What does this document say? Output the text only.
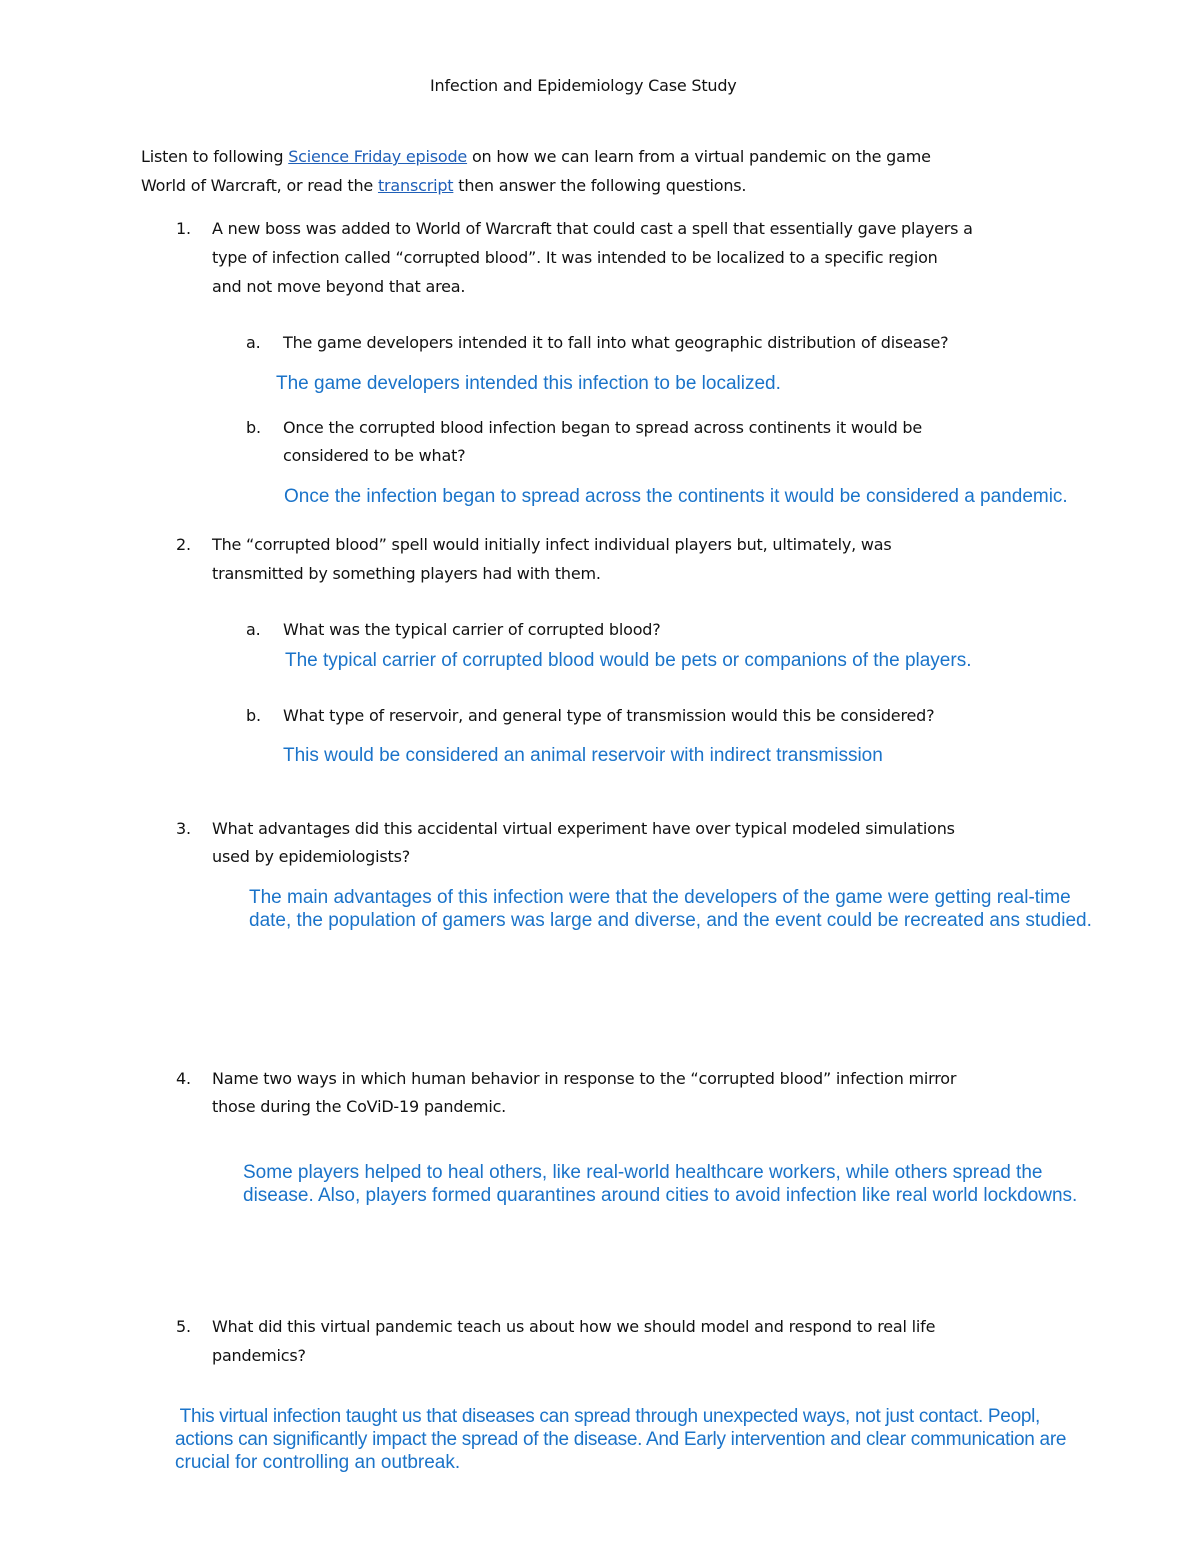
Infection and Epidemiology Case Study
Listen to following Science Friday episode on how we can learn from a virtual pandemic on the game
World of Warcraft, or read the transcript then answer the following questions.
1. A new boss was added to World of Warcraft that could cast a spell that essentially gave players a
type of infection called “corrupted blood”. It was intended to be localized to a specific region
and not move beyond that area.
a. The game developers intended it to fall into what geographic distribution of disease?
The game developers intended this infection to be localized.
b. Once the corrupted blood infection began to spread across continents it would be
considered to be what?
Once the infection began to spread across the continents it would be considered a pandemic.
2. The “corrupted blood” spell would initially infect individual players but, ultimately, was
transmitted by something players had with them.
a. What was the typical carrier of corrupted blood?
The typical carrier of corrupted blood would be pets or companions of the players.
b. What type of reservoir, and general type of transmission would this be considered?
This would be considered an animal reservoir with indirect transmission
3. What advantages did this accidental virtual experiment have over typical modeled simulations
used by epidemiologists?
The main advantages of this infection were that the developers of the game were getting real-time
date, the population of gamers was large and diverse, and the event could be recreated ans studied.
4. Name two ways in which human behavior in response to the “corrupted blood” infection mirror
those during the CoViD-19 pandemic.
Some players helped to heal others, like real-world healthcare workers, while others spread the
disease. Also, players formed quarantines around cities to avoid infection like real world lockdowns.
5. What did this virtual pandemic teach us about how we should model and respond to real life
pandemics?
This virtual infection taught us that diseases can spread through unexpected ways, not just contact. Peopl,
actions can significantly impact the spread of the disease. And Early intervention and clear communication are
crucial for controlling an outbreak.
